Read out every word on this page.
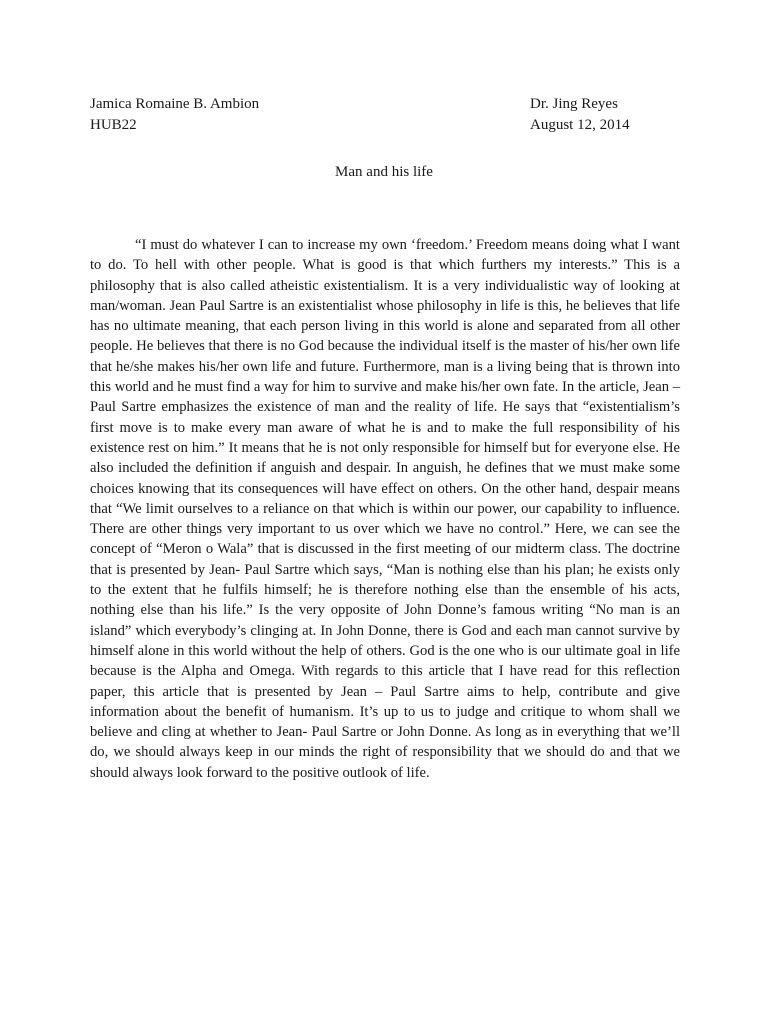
Jamica Romaine B. Ambion	Dr. Jing Reyes
HUB22	August 12, 2014
Man and his life

“I must do whatever I can to increase my own ‘freedom.’ Freedom means doing what I want to do. To hell with other people. What is good is that which furthers my interests.” This is a philosophy that is also called atheistic existentialism. It is a very individualistic way of looking at man/woman. Jean Paul Sartre is an existentialist whose philosophy in life is this, he believes that life has no ultimate meaning, that each person living in this world is alone and separated from all other people. He believes that there is no God because the individual itself is the master of his/her own life that he/she makes his/her own life and future. Furthermore, man is a living being that is thrown into this world and he must find a way for him to survive and make his/her own fate. In the article, Jean –Paul Sartre emphasizes the existence of man and the reality of life. He says that “existentialism’s first move is to make every man aware of what he is and to make the full responsibility of his existence rest on him.” It means that he is not only responsible for himself but for everyone else. He also included the definition if anguish and despair. In anguish, he defines that we must make some choices knowing that its consequences will have effect on others. On the other hand, despair means that “We limit ourselves to a reliance on that which is within our power, our capability to influence. There are other things very important to us over which we have no control.” Here, we can see the concept of “Meron o Wala” that is discussed in the first meeting of our midterm class. The doctrine that is presented by Jean- Paul Sartre which says, “Man is nothing else than his plan; he exists only to the extent that he fulfils himself; he is therefore nothing else than the ensemble of his acts, nothing else than his life.” Is the very opposite of John Donne’s famous writing “No man is an island” which everybody’s clinging at. In John Donne, there is God and each man cannot survive by himself alone in this world without the help of others. God is the one who is our ultimate goal in life because is the Alpha and Omega. With regards to this article that I have read for this reflection paper, this article that is presented by Jean – Paul Sartre aims to help, contribute and give information about the benefit of humanism. It’s up to us to judge and critique to whom shall we believe and cling at whether to Jean- Paul Sartre or John Donne. As long as in everything that we’ll do, we should always keep in our minds the right of responsibility that we should do and that we should always look forward to the positive outlook of life.
